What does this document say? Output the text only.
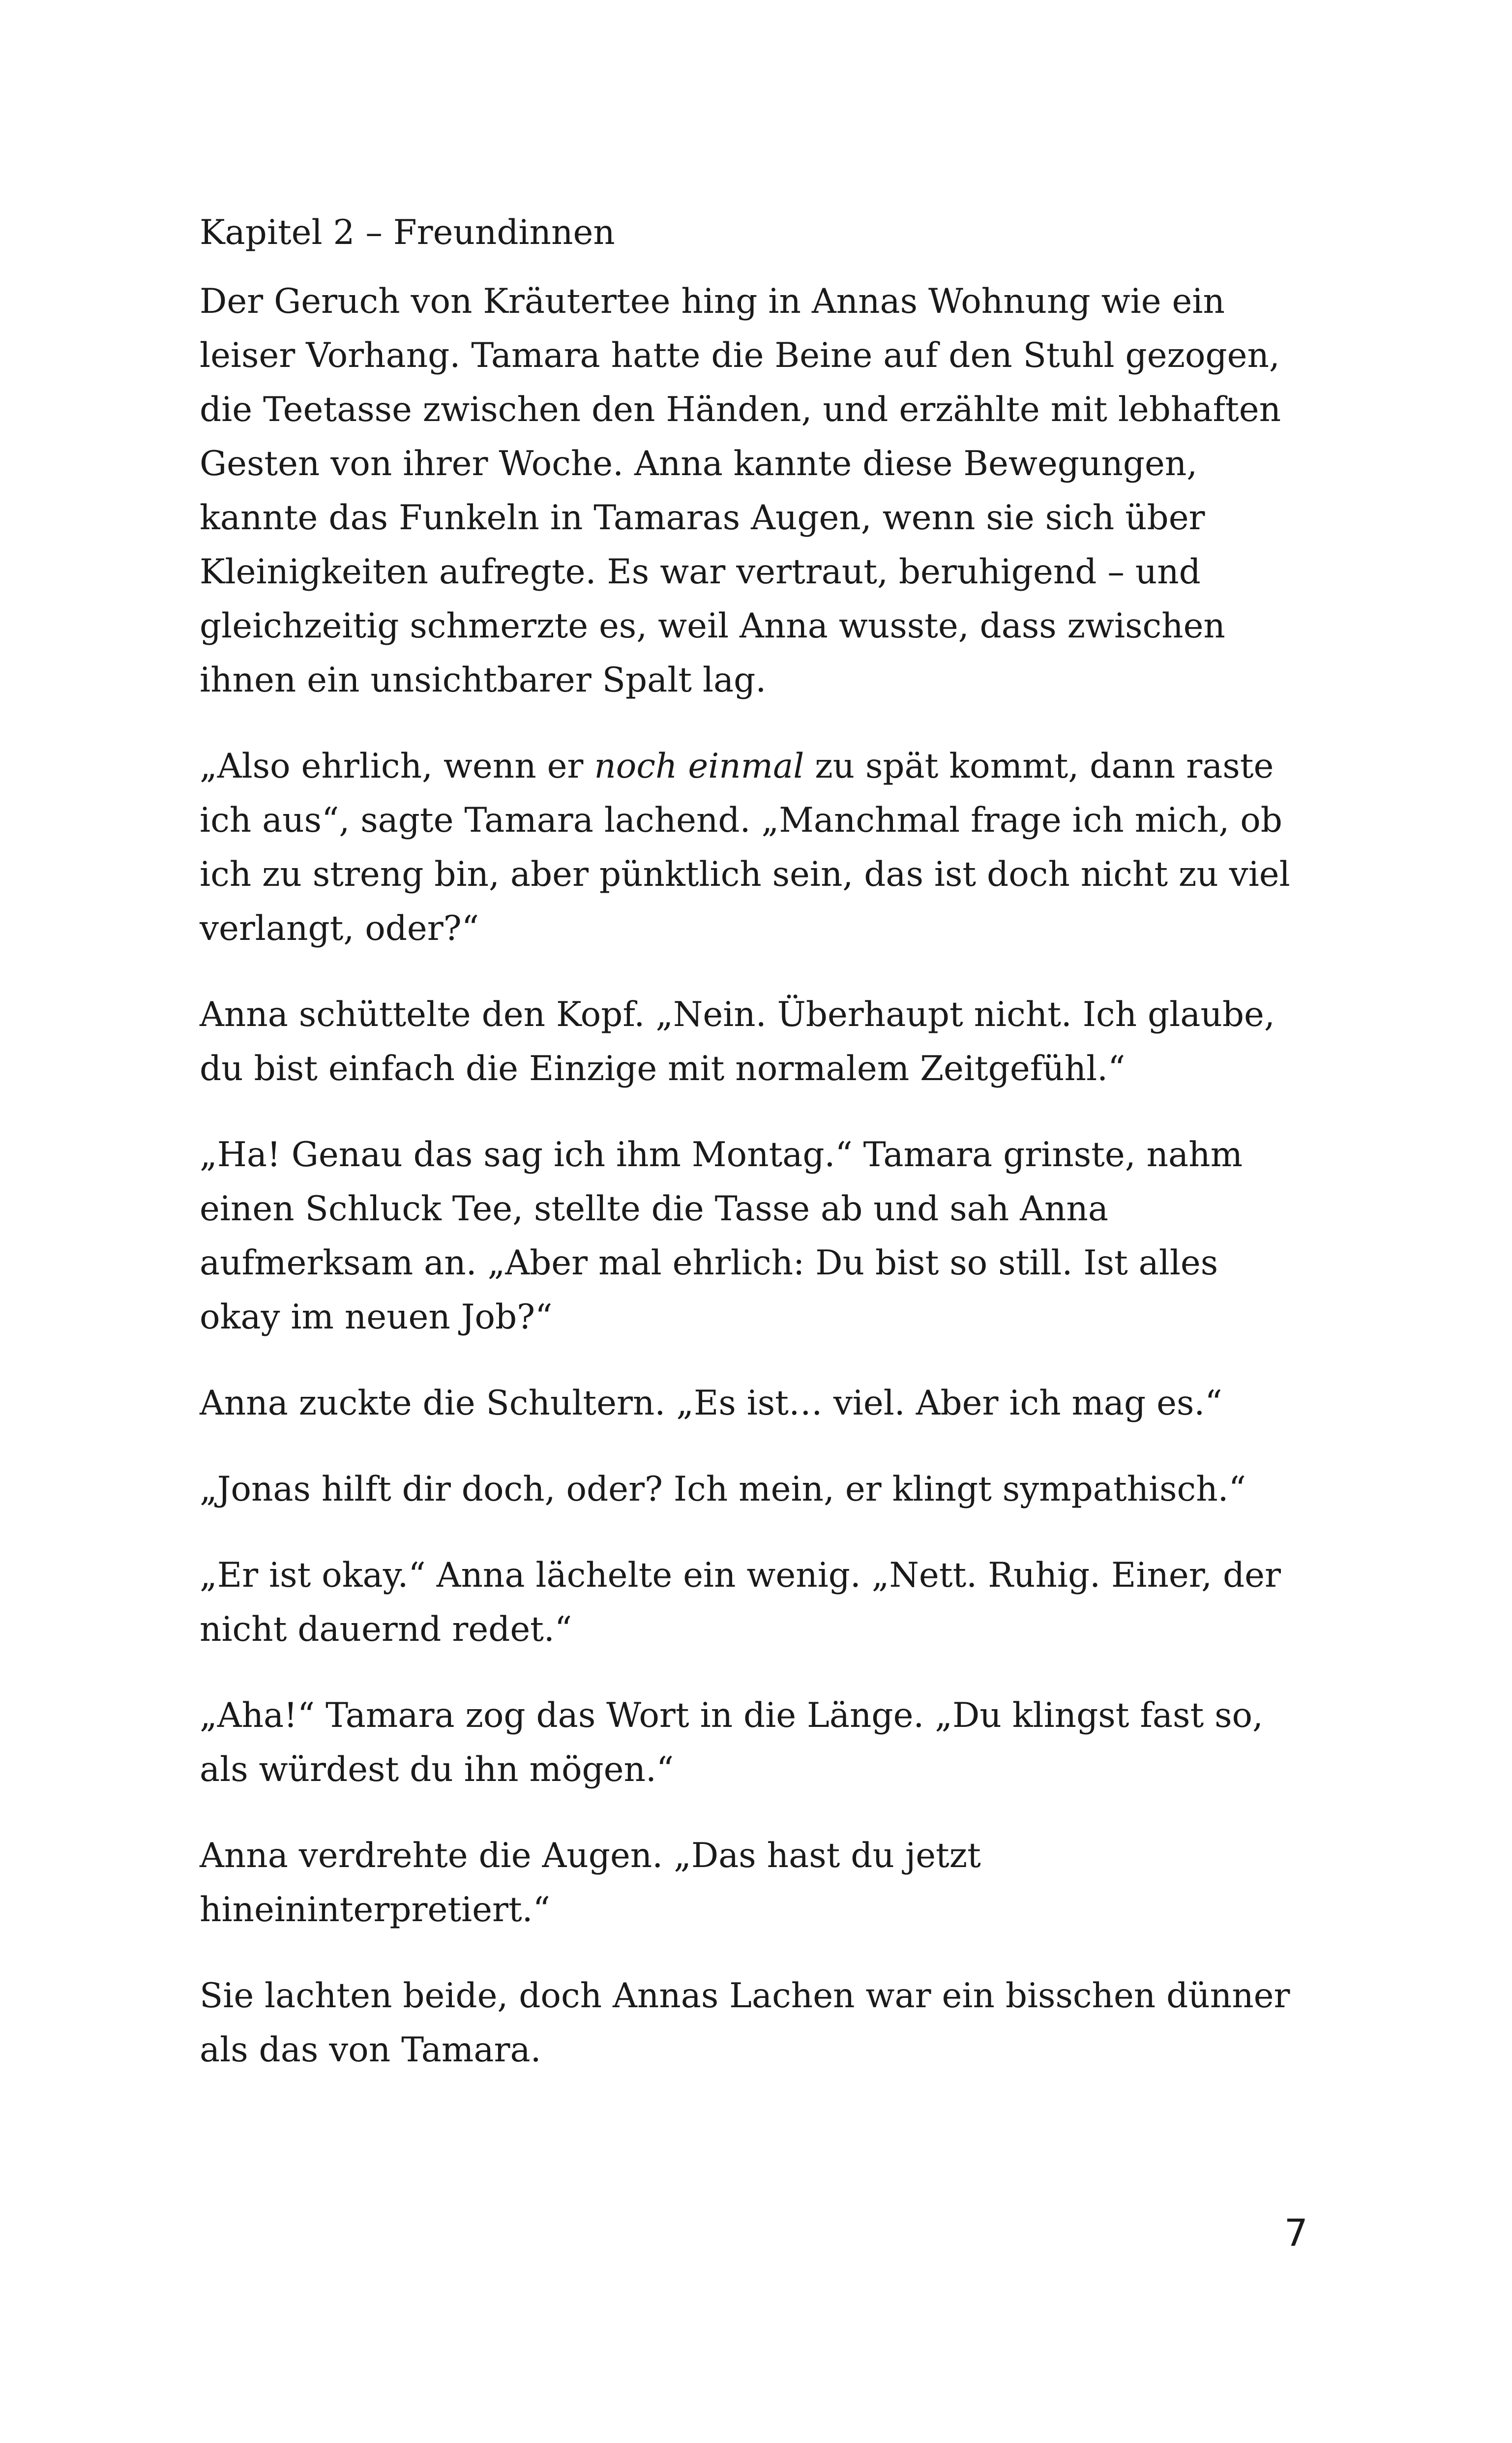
Kapitel 2 – Freundinnen

Der Geruch von Kräutertee hing in Annas Wohnung wie ein leiser Vorhang. Tamara hatte die Beine auf den Stuhl gezogen, die Teetasse zwischen den Händen, und erzählte mit lebhaften Gesten von ihrer Woche. Anna kannte diese Bewegungen, kannte das Funkeln in Tamaras Augen, wenn sie sich über Kleinigkeiten aufregte. Es war vertraut, beruhigend – und gleichzeitig schmerzte es, weil Anna wusste, dass zwischen ihnen ein unsichtbarer Spalt lag.

„Also ehrlich, wenn er noch einmal zu spät kommt, dann raste ich aus“, sagte Tamara lachend. „Manchmal frage ich mich, ob ich zu streng bin, aber pünktlich sein, das ist doch nicht zu viel verlangt, oder?“

Anna schüttelte den Kopf. „Nein. Überhaupt nicht. Ich glaube, du bist einfach die Einzige mit normalem Zeitgefühl.“

„Ha! Genau das sag ich ihm Montag.“ Tamara grinste, nahm einen Schluck Tee, stellte die Tasse ab und sah Anna aufmerksam an. „Aber mal ehrlich: Du bist so still. Ist alles okay im neuen Job?“

Anna zuckte die Schultern. „Es ist… viel. Aber ich mag es.“

„Jonas hilft dir doch, oder? Ich mein, er klingt sympathisch.“

„Er ist okay.“ Anna lächelte ein wenig. „Nett. Ruhig. Einer, der nicht dauernd redet.“

„Aha!“ Tamara zog das Wort in die Länge. „Du klingst fast so, als würdest du ihn mögen.“

Anna verdrehte die Augen. „Das hast du jetzt hineininterpretiert.“

Sie lachten beide, doch Annas Lachen war ein bisschen dünner als das von Tamara.

7
